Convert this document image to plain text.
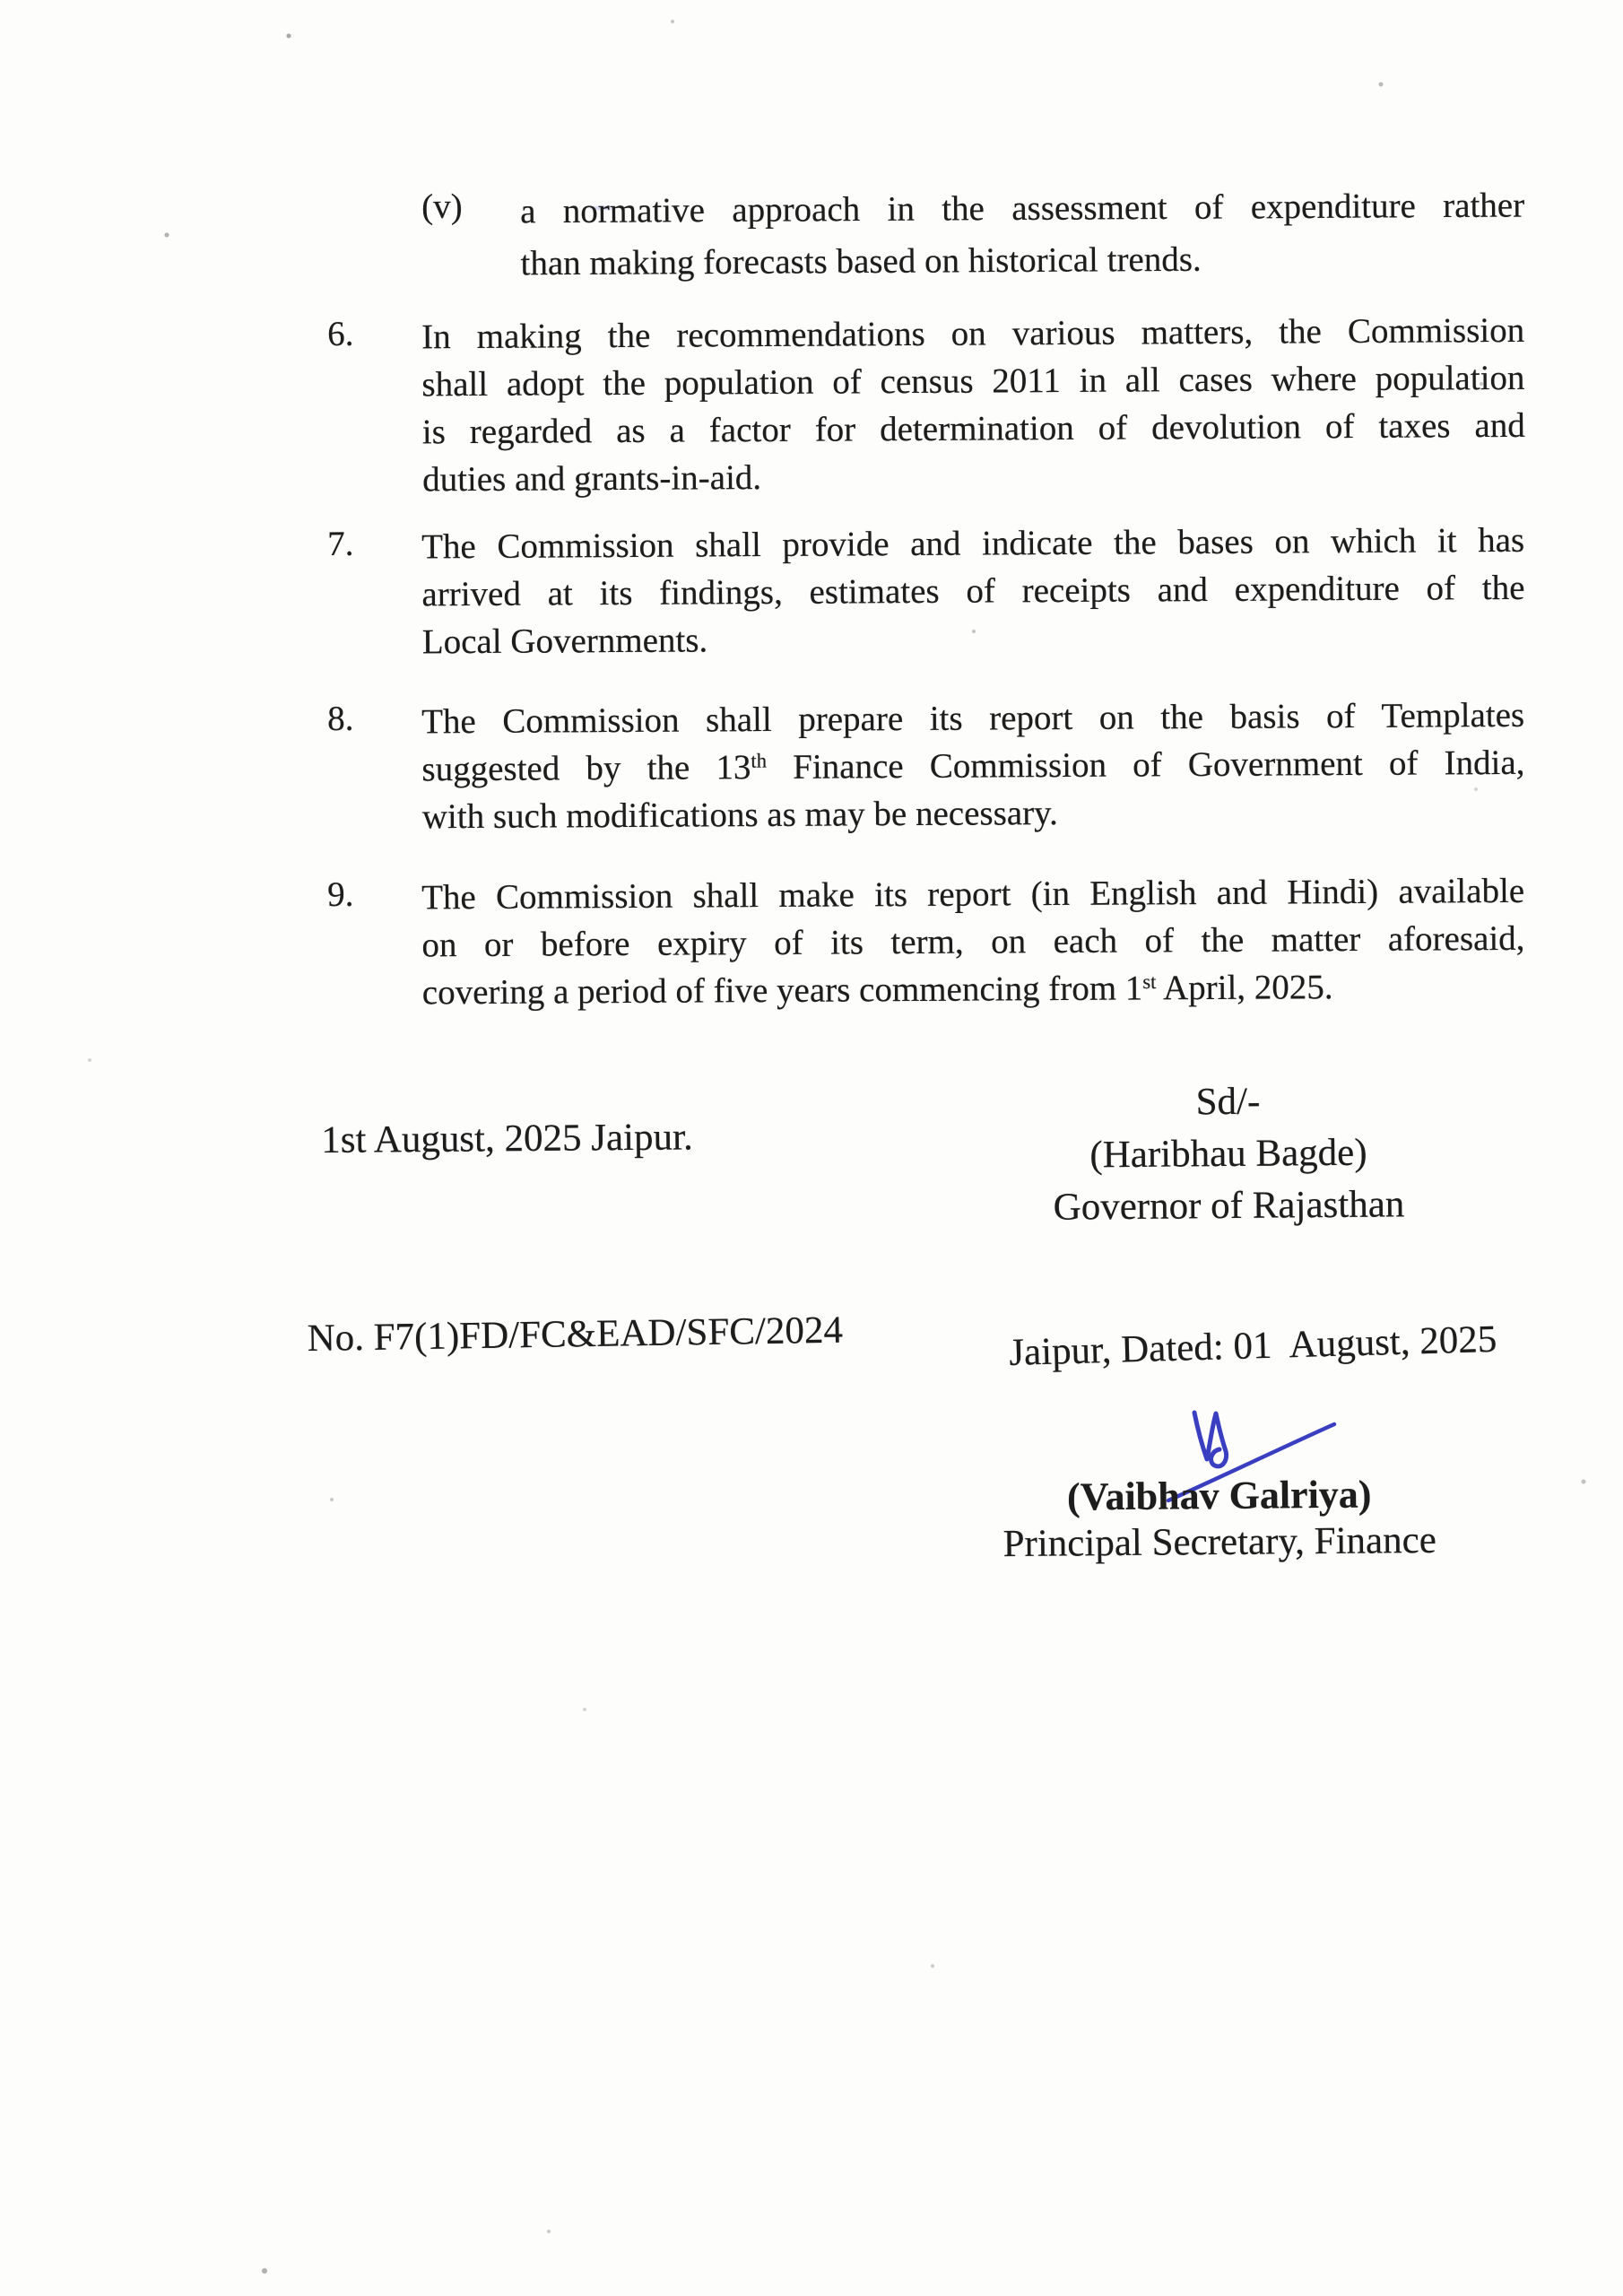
(v) a normative approach in the assessment of expenditure rather
than making forecasts based on historical trends.
6. In making the recommendations on various matters, the Commission
shall adopt the population of census 2011 in all cases where population
is regarded as a factor for determination of devolution of taxes and
duties and grants-in-aid.
7. The Commission shall provide and indicate the bases on which it has
arrived at its findings, estimates of receipts and expenditure of the
Local Governments.
8. The Commission shall prepare its report on the basis of Templates
suggested by the 13th Finance Commission of Government of India,
with such modifications as may be necessary.
9. The Commission shall make its report (in English and Hindi) available
on or before expiry of its term, on each of the matter aforesaid,
covering a period of five years commencing from 1st April, 2025.
Sd/-
(Haribhau Bagde)
Governor of Rajasthan
1st August, 2025 Jaipur.
No. F7(1)FD/FC&EAD/SFC/2024	Jaipur, Dated: 01  August, 2025
(Vaibhav Galriya)
Principal Secretary, Finance
